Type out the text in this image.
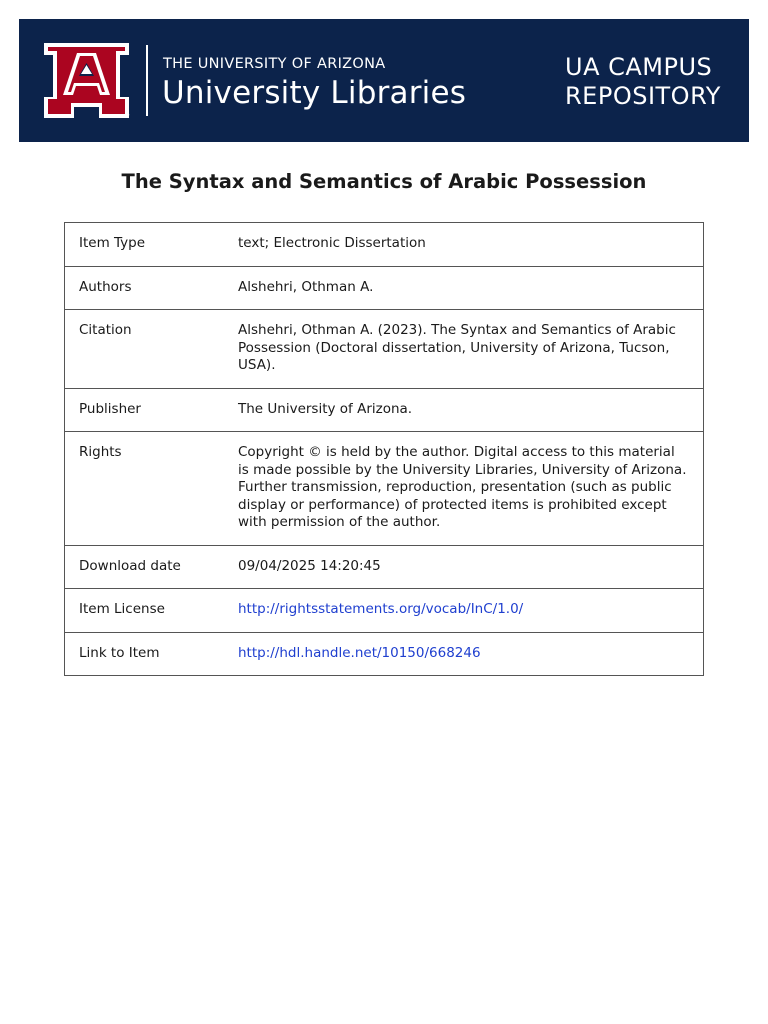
®
THE UNIVERSITY OF ARIZONA
University Libraries
UA CAMPUS
REPOSITORY
The Syntax and Semantics of Arabic Possession
Item Type	text; Electronic Dissertation
Authors	Alshehri, Othman A.
Citation	Alshehri, Othman A. (2023). The Syntax and Semantics of Arabic Possession (Doctoral dissertation, University of Arizona, Tucson, USA).
Publisher	The University of Arizona.
Rights	Copyright © is held by the author. Digital access to this material is made possible by the University Libraries, University of Arizona. Further transmission, reproduction, presentation (such as public display or performance) of protected items is prohibited except with permission of the author.
Download date	09/04/2025 14:20:45
Item License	http://rightsstatements.org/vocab/InC/1.0/
Link to Item	http://hdl.handle.net/10150/668246
